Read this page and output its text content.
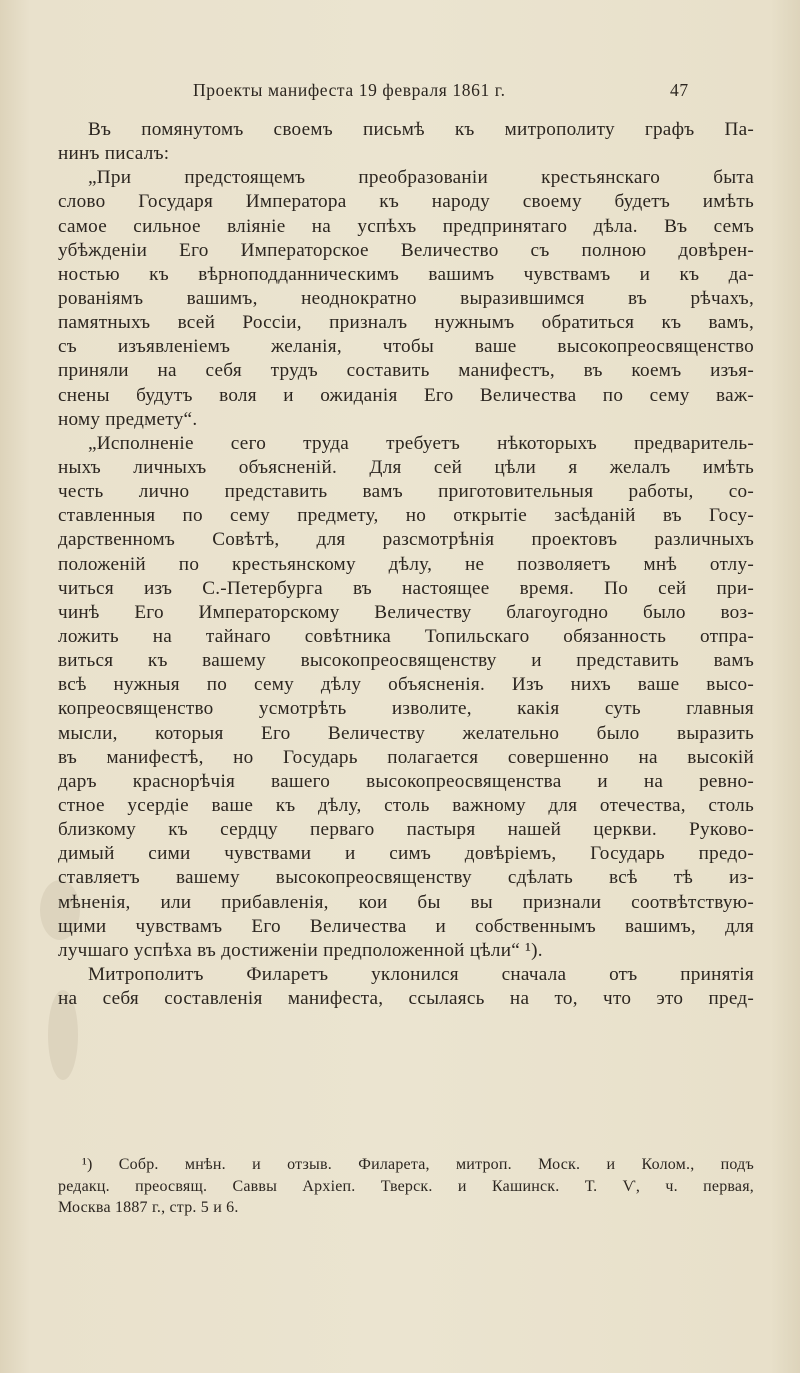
Проекты манифеста 19 февраля 1861 г.	47
Въ помянутомъ своемъ письмѣ къ митрополиту графъ Па-
нинъ писалъ:
„При предстоящемъ преобразованіи крестьянскаго быта
слово Государя Императора къ народу своему будетъ имѣть
самое сильное вліяніе на успѣхъ предпринятаго дѣла. Въ семъ
убѣжденіи Его Императорское Величество съ полною довѣрен-
ностью къ вѣрноподданническимъ вашимъ чувствамъ и къ да-
рованіямъ вашимъ, неоднократно выразившимся въ рѣчахъ,
памятныхъ всей Россіи, призналъ нужнымъ обратиться къ вамъ,
съ изъявленіемъ желанія, чтобы ваше высокопреосвященство
приняли на себя трудъ составить манифестъ, въ коемъ изъя-
снены будутъ воля и ожиданія Его Величества по сему важ-
ному предмету“.
„Исполненіе сего труда требуетъ нѣкоторыхъ предваритель-
ныхъ личныхъ объясненій. Для сей цѣли я желалъ имѣть
честь лично представить вамъ приготовительныя работы, со-
ставленныя по сему предмету, но открытіе засѣданій въ Госу-
дарственномъ Совѣтѣ, для разсмотрѣнія проектовъ различныхъ
положеній по крестьянскому дѣлу, не позволяетъ мнѣ отлу-
читься изъ С.-Петербурга въ настоящее время. По сей при-
чинѣ Его Императорскому Величеству благоугодно было воз-
ложить на тайнаго совѣтника Топильскаго обязанность отпра-
виться къ вашему высокопреосвященству и представить вамъ
всѣ нужныя по сему дѣлу объясненія. Изъ нихъ ваше высо-
копреосвященство усмотрѣть изволите, какія суть главныя
мысли, которыя Его Величеству желательно было выразить
въ манифестѣ, но Государь полагается совершенно на высокій
даръ краснорѣчія вашего высокопреосвященства и на ревно-
стное усердіе ваше къ дѣлу, столь важному для отечества, столь
близкому къ сердцу перваго пастыря нашей церкви. Руково-
димый сими чувствами и симъ довѣріемъ, Государь предо-
ставляетъ вашему высокопреосвященству сдѣлать всѣ тѣ из-
мѣненія, или прибавленія, кои бы вы признали соотвѣтствую-
щими чувствамъ Его Величества и собственнымъ вашимъ, для
лучшаго успѣха въ достиженіи предположенной цѣли“ ¹).
Митрополитъ Филаретъ уклонился сначала отъ принятія
на себя составленія манифеста, ссылаясь на то, что это пред-
¹) Собр. мнѣн. и отзыв. Филарета, митроп. Моск. и Колом., подъ
редакц. преосвящ. Саввы Архіеп. Тверск. и Кашинск. Т. Ѵ, ч. первая,
Москва 1887 г., стр. 5 и 6.
